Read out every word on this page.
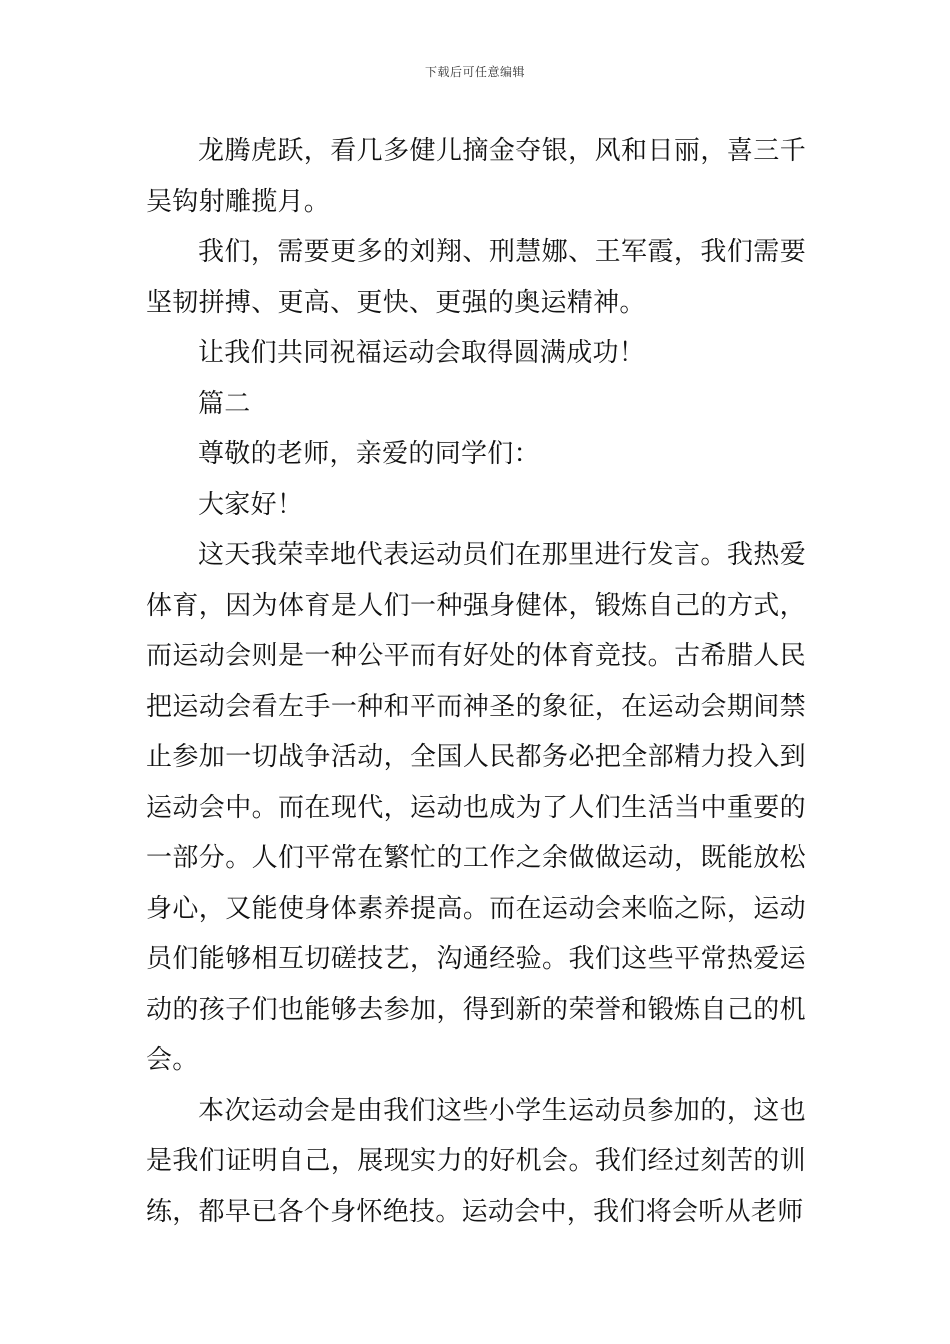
下载后可任意编辑

龙腾虎跃，看几多健儿摘金夺银，风和日丽，喜三千吴钩射雕揽月。

我们，需要更多的刘翔、刑慧娜、王军霞，我们需要坚韧拼搏、更高、更快、更强的奥运精神。

让我们共同祝福运动会取得圆满成功！

篇二

尊敬的老师，亲爱的同学们：

大家好！

这天我荣幸地代表运动员们在那里进行发言。我热爱体育，因为体育是人们一种强身健体，锻炼自己的方式，而运动会则是一种公平而有好处的体育竞技。古希腊人民把运动会看左手一种和平而神圣的象征，在运动会期间禁止参加一切战争活动，全国人民都务必把全部精力投入到运动会中。而在现代，运动也成为了人们生活当中重要的一部分。人们平常在繁忙的工作之余做做运动，既能放松身心，又能使身体素养提高。而在运动会来临之际，运动员们能够相互切磋技艺，沟通经验。我们这些平常热爱运动的孩子们也能够去参加，得到新的荣誉和锻炼自己的机会。

本次运动会是由我们这些小学生运动员参加的，这也是我们证明自己，展现实力的好机会。我们经过刻苦的训练，都早已各个身怀绝技。运动会中，我们将会听从老师
